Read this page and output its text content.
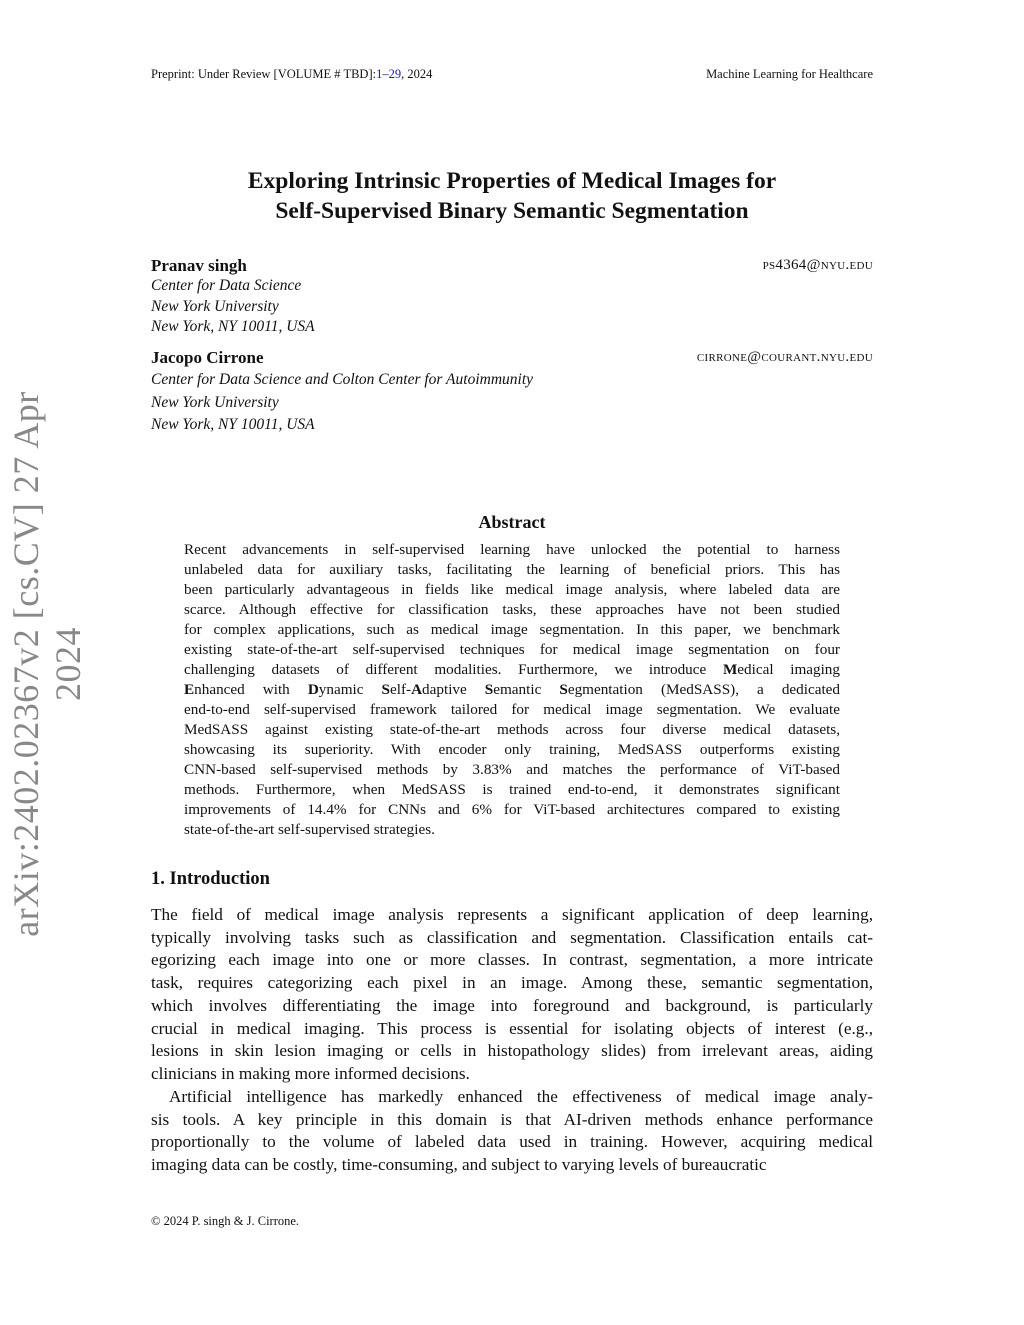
Preprint: Under Review [VOLUME # TBD]:1–29, 2024	Machine Learning for Healthcare
arXiv:2402.02367v2 [cs.CV] 27 Apr 2024
Exploring Intrinsic Properties of Medical Images for
Self-Supervised Binary Semantic Segmentation
Pranav singh	ps4364@nyu.edu
Center for Data Science
New York University
New York, NY 10011, USA
Jacopo Cirrone	cirrone@courant.nyu.edu
Center for Data Science and Colton Center for Autoimmunity
New York University
New York, NY 10011, USA
Abstract
Recent advancements in self-supervised learning have unlocked the potential to harness
unlabeled data for auxiliary tasks, facilitating the learning of beneficial priors. This has
been particularly advantageous in fields like medical image analysis, where labeled data are
scarce. Although effective for classification tasks, these approaches have not been studied
for complex applications, such as medical image segmentation. In this paper, we benchmark
existing state-of-the-art self-supervised techniques for medical image segmentation on four
challenging datasets of different modalities. Furthermore, we introduce Medical imaging
Enhanced with Dynamic Self-Adaptive Semantic Segmentation (MedSASS), a dedicated
end-to-end self-supervised framework tailored for medical image segmentation. We evaluate
MedSASS against existing state-of-the-art methods across four diverse medical datasets,
showcasing its superiority. With encoder only training, MedSASS outperforms existing
CNN-based self-supervised methods by 3.83% and matches the performance of ViT-based
methods. Furthermore, when MedSASS is trained end-to-end, it demonstrates significant
improvements of 14.4% for CNNs and 6% for ViT-based architectures compared to existing
state-of-the-art self-supervised strategies.
1. Introduction
The field of medical image analysis represents a significant application of deep learning,
typically involving tasks such as classification and segmentation. Classification entails cat-
egorizing each image into one or more classes. In contrast, segmentation, a more intricate
task, requires categorizing each pixel in an image. Among these, semantic segmentation,
which involves differentiating the image into foreground and background, is particularly
crucial in medical imaging. This process is essential for isolating objects of interest (e.g.,
lesions in skin lesion imaging or cells in histopathology slides) from irrelevant areas, aiding
clinicians in making more informed decisions.
Artificial intelligence has markedly enhanced the effectiveness of medical image analy-
sis tools. A key principle in this domain is that AI-driven methods enhance performance
proportionally to the volume of labeled data used in training. However, acquiring medical
imaging data can be costly, time-consuming, and subject to varying levels of bureaucratic
© 2024 P. singh & J. Cirrone.
